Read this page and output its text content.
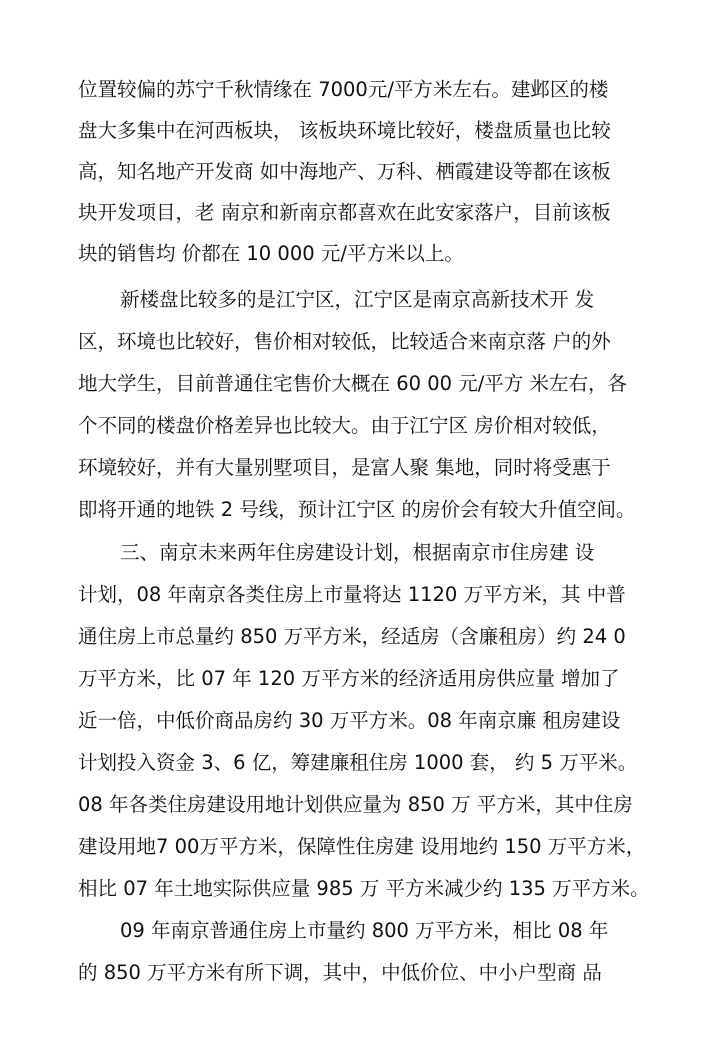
位置较偏的苏宁千秋情缘在 7000元/平方米左右。建邺区的楼
盘大多集中在河西板块， 该板块环境比较好，楼盘质量也比较
高，知名地产开发商 如中海地产、万科、栖霞建设等都在该板
块开发项目，老 南京和新南京都喜欢在此安家落户，目前该板
块的销售均 价都在 10 000 元/平方米以上。
新楼盘比较多的是江宁区，江宁区是南京高新技术开 发
区，环境也比较好，售价相对较低，比较适合来南京落 户的外
地大学生，目前普通住宅售价大概在 60 00 元/平方 米左右，各
个不同的楼盘价格差异也比较大。由于江宁区 房价相对较低，
环境较好，并有大量别墅项目，是富人聚 集地，同时将受惠于
即将开通的地铁 2 号线，预计江宁区 的房价会有较大升值空间。
三、南京未来两年住房建设计划，根据南京市住房建 设
计划，08 年南京各类住房上市量将达 1120 万平方米，其 中普
通住房上市总量约 850 万平方米，经适房（含廉租房）约 24 0
万平方米，比 07 年 120 万平方米的经济适用房供应量 增加了
近一倍，中低价商品房约 30 万平方米。08 年南京廉 租房建设
计划投入资金 3、6 亿，筹建廉租住房 1000 套， 约 5 万平米。
08 年各类住房建设用地计划供应量为 850 万 平方米，其中住房
建设用地7 00万平方米，保障性住房建 设用地约 150 万平方米，
相比 07 年土地实际供应量 985 万 平方米减少约 135 万平方米。
09 年南京普通住房上市量约 800 万平方米，相比 08 年
的 850 万平方米有所下调，其中，中低价位、中小户型商 品
